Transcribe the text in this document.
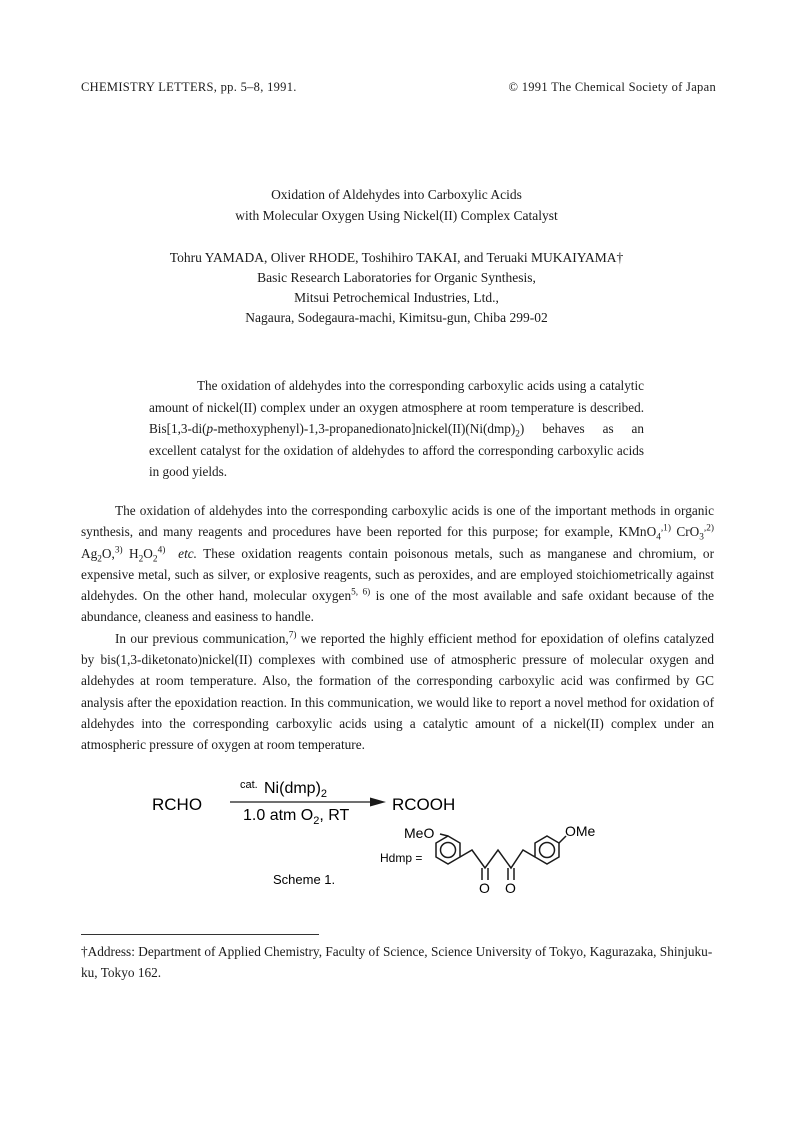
CHEMISTRY LETTERS, pp. 5–8, 1991.	© 1991 The Chemical Society of Japan
Oxidation of Aldehydes into Carboxylic Acids
with Molecular Oxygen Using Nickel(II) Complex Catalyst
Tohru YAMADA, Oliver RHODE, Toshihiro TAKAI, and Teruaki MUKAIYAMA†
Basic Research Laboratories for Organic Synthesis,
Mitsui Petrochemical Industries, Ltd.,
Nagaura, Sodegaura-machi, Kimitsu-gun, Chiba 299-02
The oxidation of aldehydes into the corresponding carboxylic acids using a catalytic amount of nickel(II) complex under an oxygen atmosphere at room temperature is described. $Bis[1,3-di(p-methoxyphenyl)-1,3-propanedionato]nickel(II)(Ni(dmp)_2)$ behaves as an excellent catalyst for the oxidation of aldehydes to afford the corresponding carboxylic acids in good yields.

The oxidation of aldehydes into the corresponding carboxylic acids is one of the important methods in organic synthesis, and many reagents and procedures have been reported for this purpose; for example, KMnO$_4^{,1)}$ CrO$_3^{,2)}$ $Ag_2O,^{3)}$ $H_2O_2^{4)}$ etc. These oxidation reagents contain poisonous metals, such as manganese and chromium, or expensive metal, such as silver, or explosive reagents, such as peroxides, and are employed stoichiometrically against aldehydes. On the other hand, molecular oxygen$^{5, 6)}$ is one of the most available and safe oxidant because of the abundance, cleaness and easiness to handle.

In our previous communication,$^{7)}$ we reported the highly efficient method for epoxidation of olefins catalyzed by bis(1,3-diketonato)nickel(II) complexes with combined use of atmospheric pressure of molecular oxygen and aldehydes at room temperature. Also, the formation of the corresponding carboxylic acid was confirmed by GC analysis after the epoxidation reaction. In this communication, we would like to report a novel method for oxidation of aldehydes into the corresponding carboxylic acids using a catalytic amount of a nickel(II) complex under an atmospheric pressure of oxygen at room temperature.

RCHO
cat. $Ni(dmp)_2$
1.0 atm $O_2$, RT
RCOOH
Hdmp =
MeO	OMe
O O
Scheme 1.
†Address: Department of Applied Chemistry, Faculty of Science, Science University of Tokyo, Kagurazaka, Shinjuku-ku, Tokyo 162.
